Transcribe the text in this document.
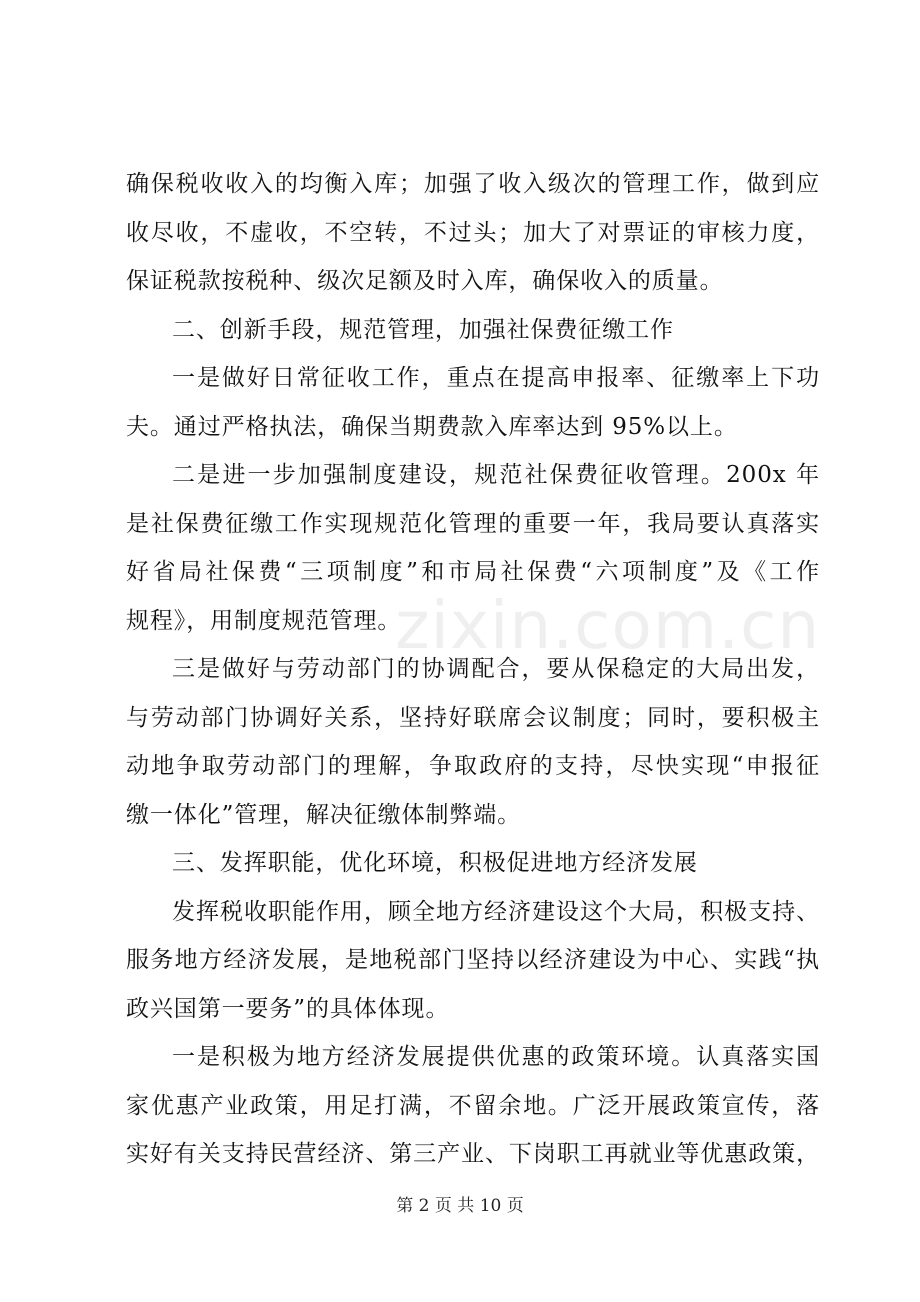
确保税收收入的均衡入库；加强了收入级次的管理工作，做到应
收尽收，不虚收，不空转，不过头；加大了对票证的审核力度，
保证税款按税种、级次足额及时入库，确保收入的质量。
二、创新手段，规范管理，加强社保费征缴工作
一是做好日常征收工作，重点在提高申报率、征缴率上下功
夫。通过严格执法，确保当期费款入库率达到 95%以上。
二是进一步加强制度建设，规范社保费征收管理。200x 年
是社保费征缴工作实现规范化管理的重要一年，我局要认真落实
好省局社保费“三项制度”和市局社保费“六项制度”及《工作
规程》，用制度规范管理。
三是做好与劳动部门的协调配合，要从保稳定的大局出发，
与劳动部门协调好关系，坚持好联席会议制度；同时，要积极主
动地争取劳动部门的理解，争取政府的支持，尽快实现“申报征
缴一体化”管理，解决征缴体制弊端。
三、发挥职能，优化环境，积极促进地方经济发展
发挥税收职能作用，顾全地方经济建设这个大局，积极支持、
服务地方经济发展，是地税部门坚持以经济建设为中心、实践“执
政兴国第一要务”的具体体现。
一是积极为地方经济发展提供优惠的政策环境。认真落实国
家优惠产业政策，用足打满，不留余地。广泛开展政策宣传，落
实好有关支持民营经济、第三产业、下岗职工再就业等优惠政策，
zixin.com.cn
第 2 页 共 10 页
